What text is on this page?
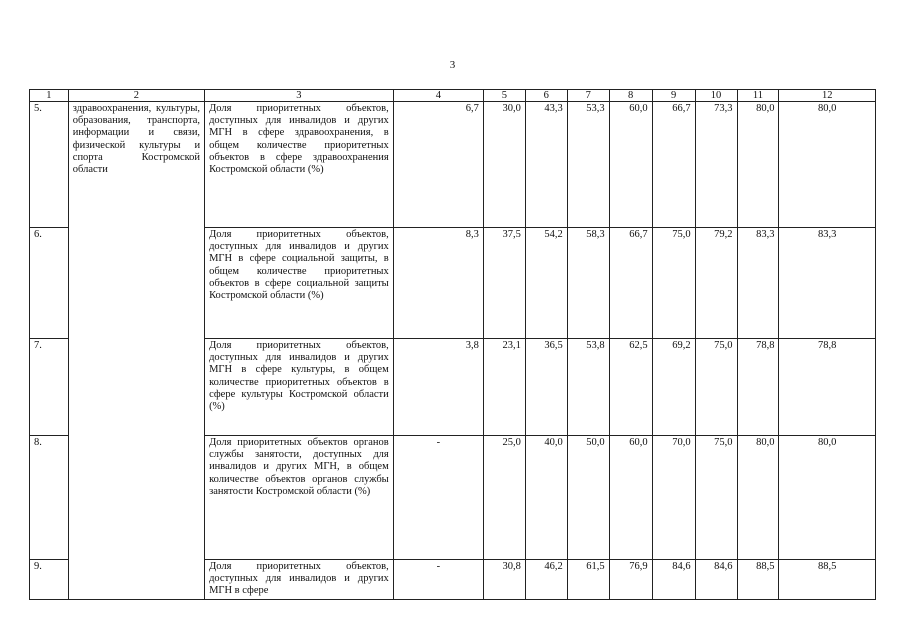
3
1	2	3	4	5	6	7	8	9	10	11	12
5.	здравоохранения, культуры, образования, транспорта, информации и связи, физической культуры и спорта Костромской области	Доля приоритетных объектов, доступных для инвалидов и других МГН в сфере здравоохранения, в общем количестве приоритетных объектов в сфере здравоохранения Костромской области (%)	6,7	30,0	43,3	53,3	60,0	66,7	73,3	80,0	80,0
6.		Доля приоритетных объектов, доступных для инвалидов и других МГН в сфере социальной защиты, в общем количестве приоритетных объектов в сфере социальной защиты Костромской области (%)	8,3	37,5	54,2	58,3	66,7	75,0	79,2	83,3	83,3
7.		Доля приоритетных объектов, доступных для инвалидов и других МГН в сфере культуры, в общем количестве приоритетных объектов в сфере культуры Костромской области (%)	3,8	23,1	36,5	53,8	62,5	69,2	75,0	78,8	78,8
8.		Доля приоритетных объектов органов службы занятости, доступных для инвалидов и других МГН, в общем количестве объектов органов службы занятости Костромской области (%)	-	25,0	40,0	50,0	60,0	70,0	75,0	80,0	80,0
9.		Доля приоритетных объектов, доступных для инвалидов и других МГН в сфере	-	30,8	46,2	61,5	76,9	84,6	84,6	88,5	88,5
